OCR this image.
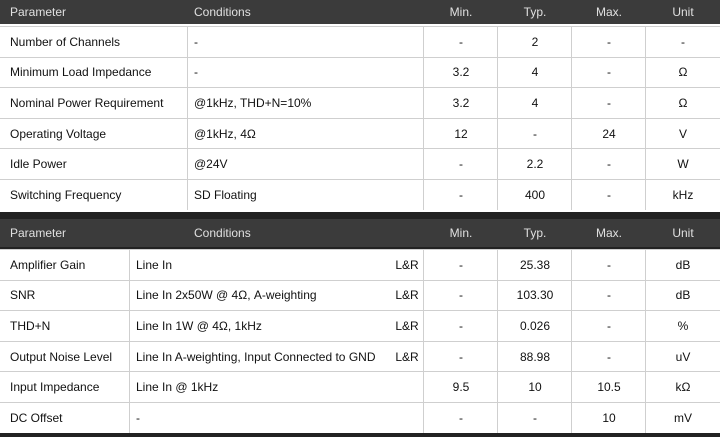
Parameter	Conditions	Min.	Typ.	Max.	Unit
Number of Channels	-	-	2	-	-
Minimum Load Impedance	-	3.2	4	-	Ω
Nominal Power Requirement	@1kHz, THD+N=10%	3.2	4	-	Ω
Operating Voltage	@1kHz, 4Ω	12	-	24	V
Idle Power	@24V	-	2.2	-	W
Switching Frequency	SD Floating	-	400	-	kHz
Parameter	Conditions	Min.	Typ.	Max.	Unit
Amplifier Gain	Line In	L&R	-	25.38	-	dB
SNR	Line In 2x50W @ 4Ω, A-weighting	L&R	-	103.30	-	dB
THD+N	Line In 1W @ 4Ω, 1kHz	L&R	-	0.026	-	%
Output Noise Level	Line In A-weighting, Input Connected to GND	L&R	-	88.98	-	uV
Input Impedance	Line In @ 1kHz	9.5	10	10.5	kΩ
DC Offset	-	-	-	10	mV
